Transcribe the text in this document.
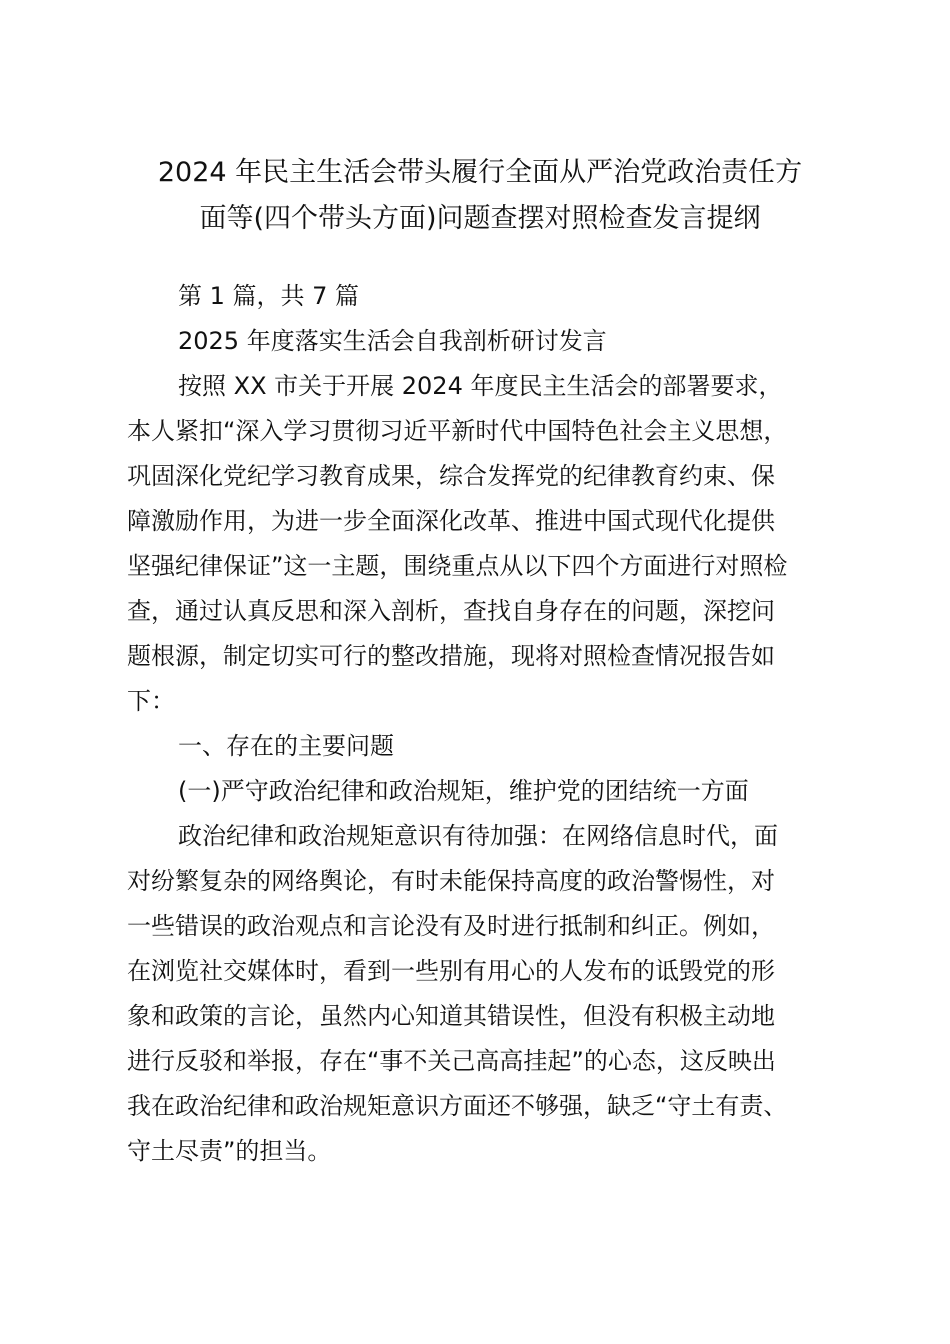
2024 年民主生活会带头履行全面从严治党政治责任方
面等(四个带头方面)问题查摆对照检查发言提纲
第 1 篇，共 7 篇
2025 年度落实生活会自我剖析研讨发言
按照 XX 市关于开展 2024 年度民主生活会的部署要求，
本人紧扣“深入学习贯彻习近平新时代中国特色社会主义思想，
巩固深化党纪学习教育成果，综合发挥党的纪律教育约束、保
障激励作用，为进一步全面深化改革、推进中国式现代化提供
坚强纪律保证”这一主题，围绕重点从以下四个方面进行对照检
查，通过认真反思和深入剖析，查找自身存在的问题，深挖问
题根源，制定切实可行的整改措施，现将对照检查情况报告如
下：
一、存在的主要问题
(一)严守政治纪律和政治规矩，维护党的团结统一方面
政治纪律和政治规矩意识有待加强：在网络信息时代，面
对纷繁复杂的网络舆论，有时未能保持高度的政治警惕性，对
一些错误的政治观点和言论没有及时进行抵制和纠正。例如，
在浏览社交媒体时，看到一些别有用心的人发布的诋毁党的形
象和政策的言论，虽然内心知道其错误性，但没有积极主动地
进行反驳和举报，存在“事不关己高高挂起”的心态，这反映出
我在政治纪律和政治规矩意识方面还不够强，缺乏“守土有责、
守土尽责”的担当。
